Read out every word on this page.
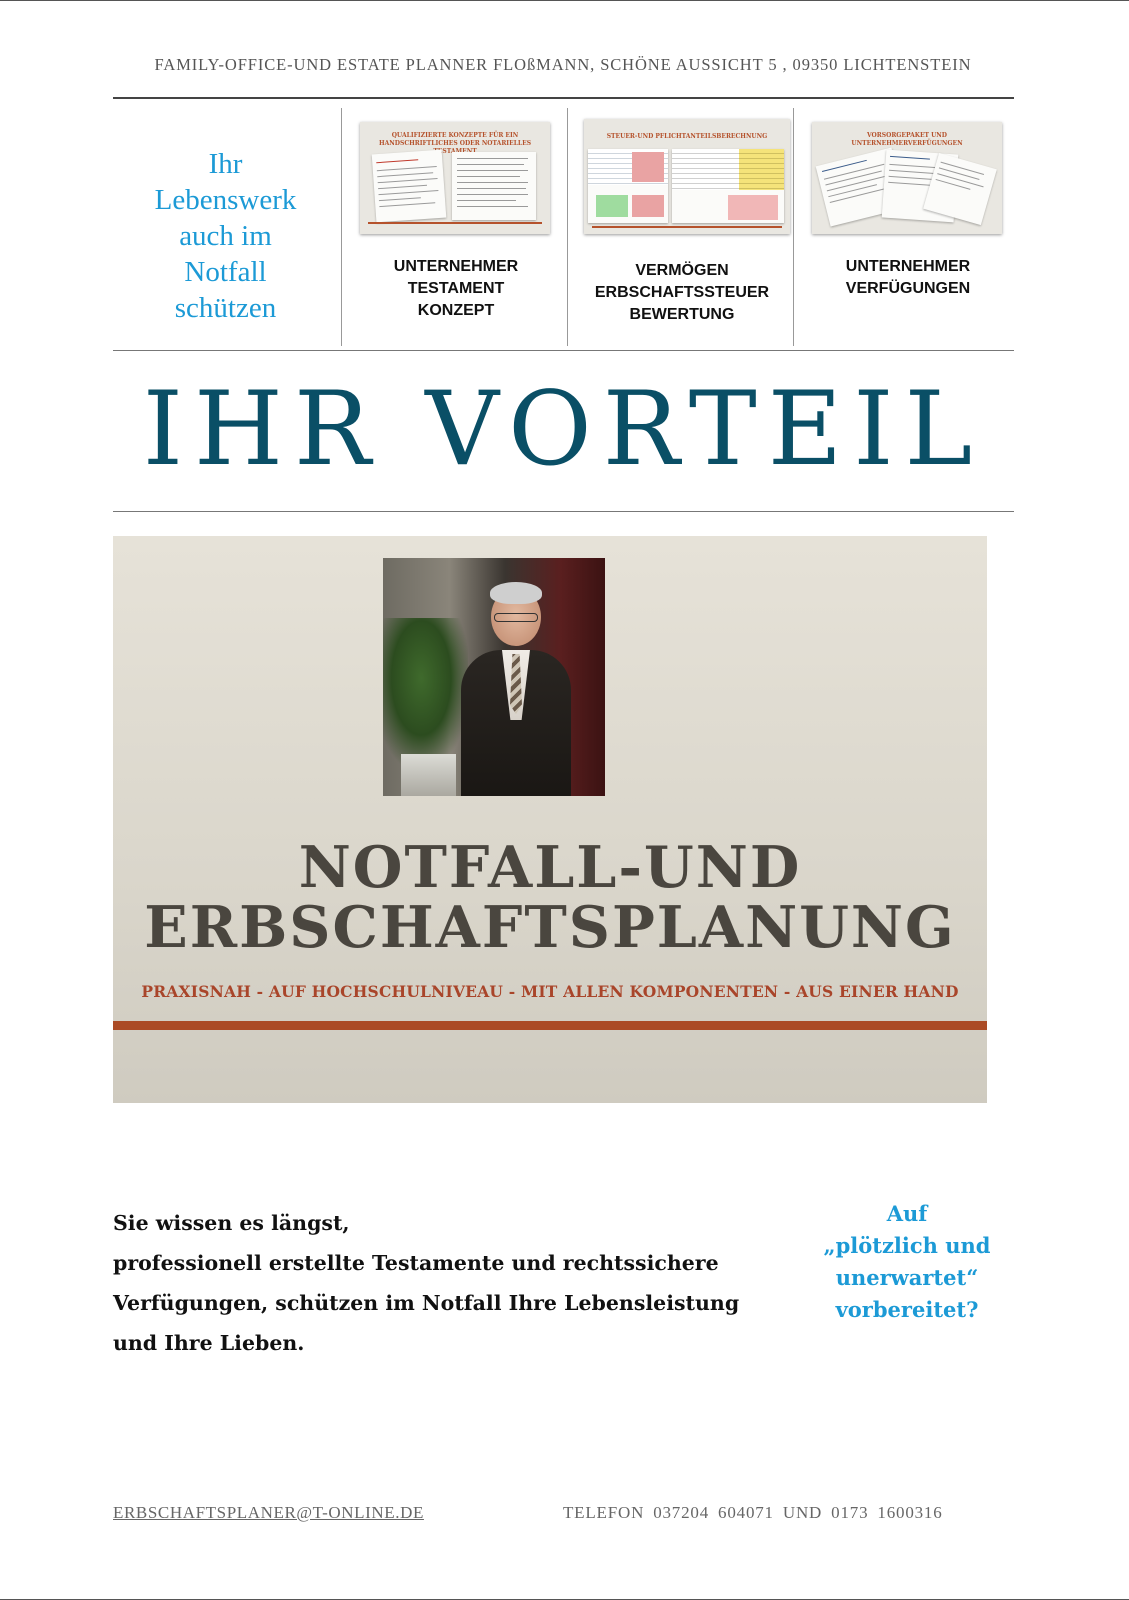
FAMILY-OFFICE-UND ESTATE PLANNER FLOßMANN, SCHÖNE AUSSICHT 5 , 09350 LICHTENSTEIN
Ihr
Lebenswerk
auch im
Notfall
schützen
QUALIFIZIERTE KONZEPTE FÜR EIN
HANDSCHRIFTLICHES ODER NOTARIELLES
STEUER-UND PFLICHTANTEILSBERECHNUNG	VORSORGEPAKET UND
UNTERNEHMERVERFÜGUNGEN
UNTERNEHMER
TESTAMENT
KONZEPT
VERMÖGEN
ERBSCHAFTSSTEUER
BEWERTUNG
UNTERNEHMER
VERFÜGUNGEN
IHR VORTEIL
NOTFALL-UND
ERBSCHAFTSPLANUNG
PRAXISNAH - AUF HOCHSCHULNIVEAU - MIT ALLEN KOMPONENTEN - AUS EINER HAND
Sie wissen es längst,
professionell erstellte Testamente und rechtssichere
Verfügungen, schützen im Notfall Ihre Lebensleistung
und Ihre Lieben.
Auf
„plötzlich und
unerwartet“
vorbereitet?
ERBSCHAFTSPLANER@T-ONLINE.DE	TELEFON 037204 604071 UND 0173 1600316
